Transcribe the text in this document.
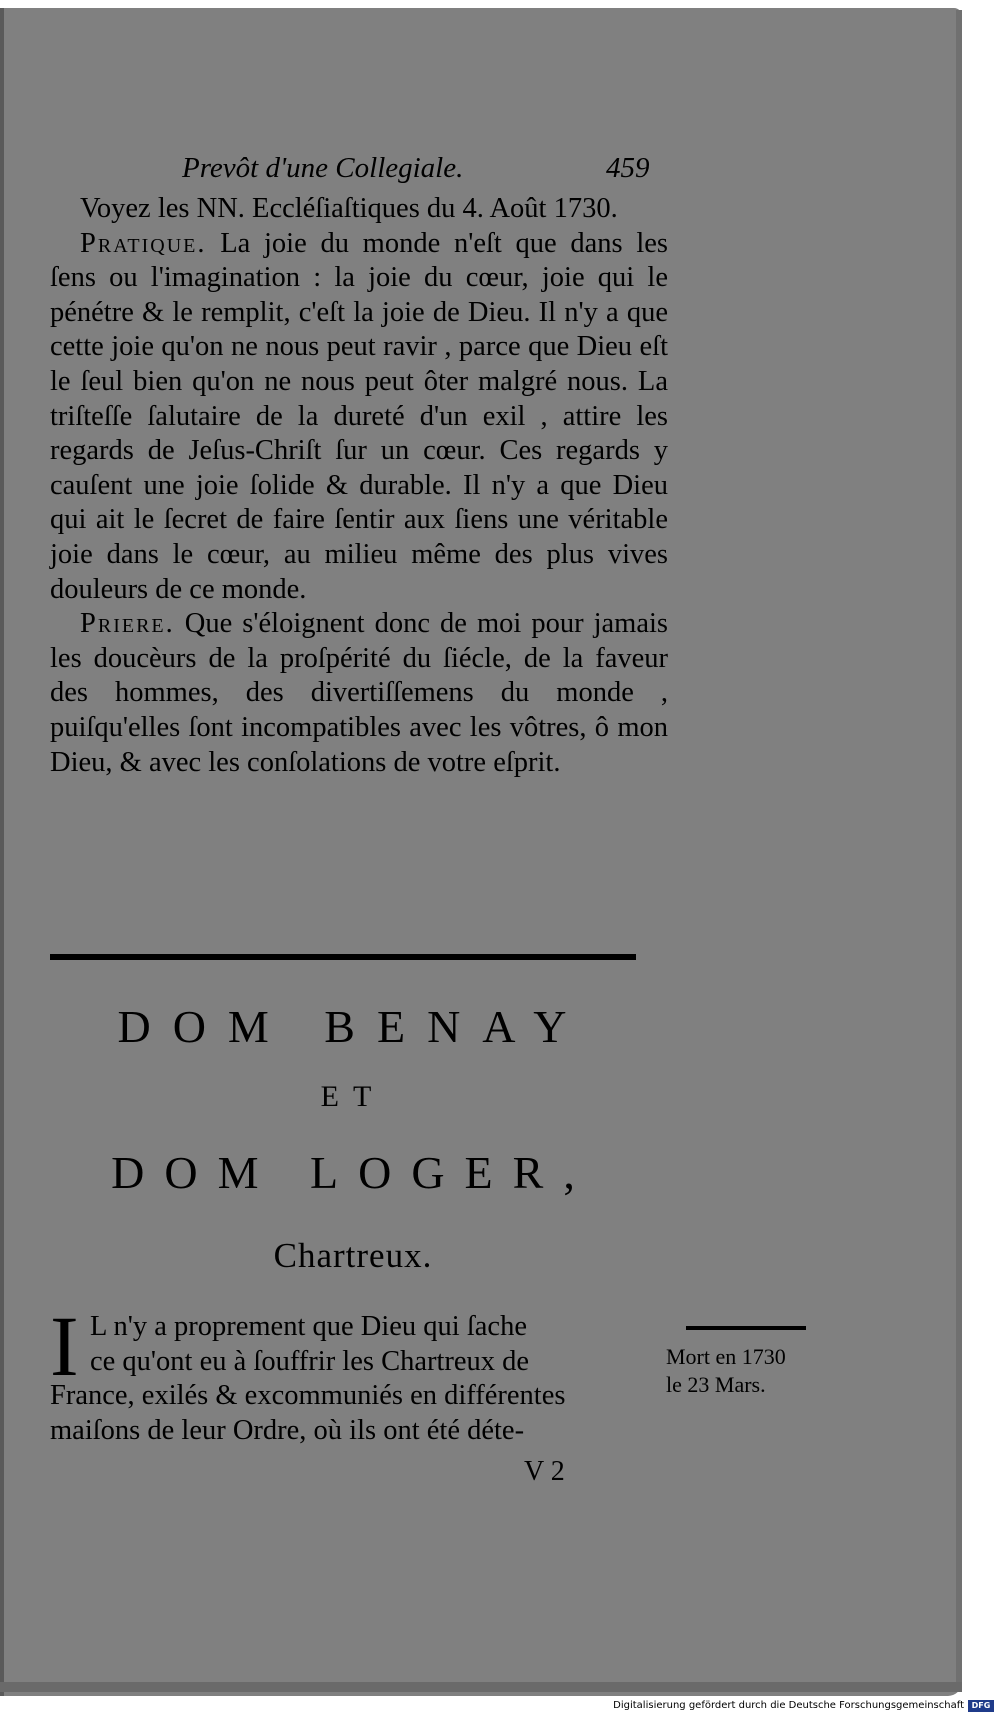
Prevôt d'une Collegiale.	459

Voyez les NN. Eccléſiaſtiques du 4. Août 1730.

Pratique. La joie du monde n'eſt que dans les ſens ou l'imagination : la joie du cœur, joie qui le pénétre & le remplit, c'eſt la joie de Dieu. Il n'y a que cette joie qu'on ne nous peut ravir , parce que Dieu eſt le ſeul bien qu'on ne nous peut ôter malgré nous. La triſteſſe ſalutaire de la dureté d'un exil , attire les regards de Jeſus-Chriſt ſur un cœur. Ces regards y cauſent une joie ſolide & durable. Il n'y a que Dieu qui ait le ſecret de faire ſentir aux ſiens une véritable joie dans le cœur, au milieu même des plus vives douleurs de ce monde.

Priere. Que s'éloignent donc de moi pour jamais les doucèurs de la proſpérité du ſiécle, de la faveur des hommes, des divertiſſemens du monde , puiſqu'elles ſont incompatibles avec les vôtres, ô mon Dieu, & avec les conſolations de votre eſprit.

DOM BENAY
ET
DOM LOGER,
Chartreux.
I L n'y a proprement que Dieu qui ſache
ce qu'ont eu à ſouffrir les Chartreux de
France, exilés & excommuniés en différentes
maiſons de leur Ordre, où ils ont été déte-
Mort en 1730
le 23 Mars.
V 2
Digitalisierung gefördert durch die Deutsche Forschungsgemeinschaft DFG
